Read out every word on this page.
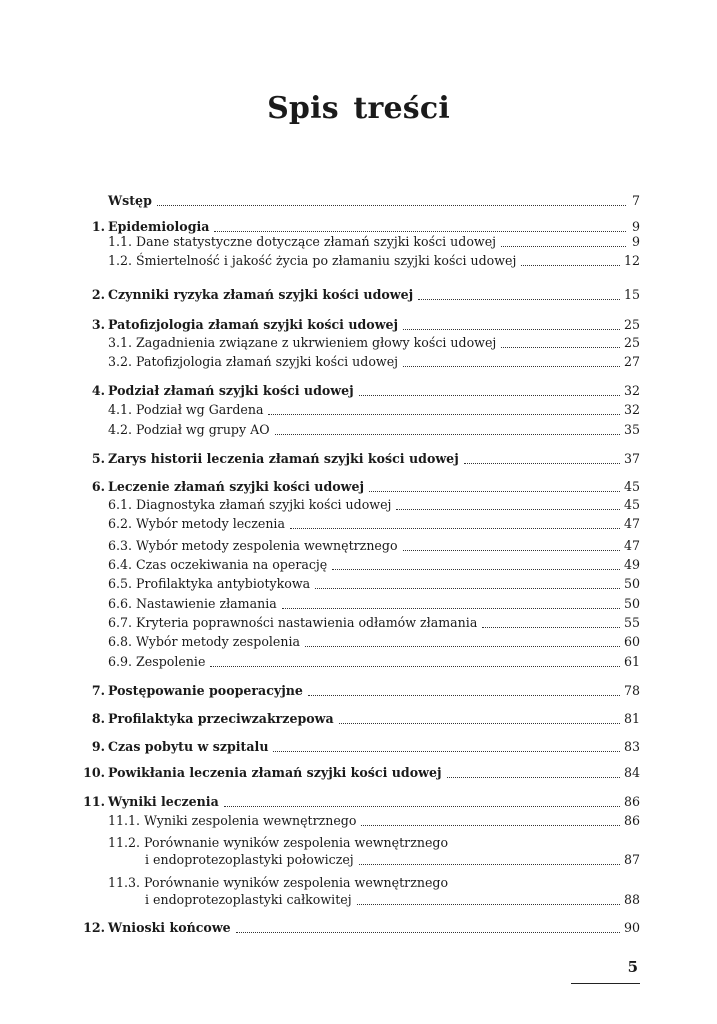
Spis treści
Wstęp	7
1. Epidemiologia	9
1.1. Dane statystyczne dotyczące złamań szyjki kości udowej	9
1.2. Śmiertelność i jakość życia po złamaniu szyjki kości udowej	12
2. Czynniki ryzyka złamań szyjki kości udowej	15
3. Patofizjologia złamań szyjki kości udowej	25
3.1. Zagadnienia związane z ukrwieniem głowy kości udowej	25
3.2. Patofizjologia złamań szyjki kości udowej	27
4. Podział złamań szyjki kości udowej	32
4.1. Podział wg Gardena	32
4.2. Podział wg grupy AO	35
5. Zarys historii leczenia złamań szyjki kości udowej	37
6. Leczenie złamań szyjki kości udowej	45
6.1. Diagnostyka złamań szyjki kości udowej	45
6.2. Wybór metody leczenia	47
6.3. Wybór metody zespolenia wewnętrznego	47
6.4. Czas oczekiwania na operację	49
6.5. Profilaktyka antybiotykowa	50
6.6. Nastawienie złamania	50
6.7. Kryteria poprawności nastawienia odłamów złamania	55
6.8. Wybór metody zespolenia	60
6.9. Zespolenie	61
7. Postępowanie pooperacyjne	78
8. Profilaktyka przeciwzakrzepowa	81
9. Czas pobytu w szpitalu	83
10. Powikłania leczenia złamań szyjki kości udowej	84
11. Wyniki leczenia	86
11.1. Wyniki zespolenia wewnętrznego	86
11.2. Porównanie wyników zespolenia wewnętrznego
i endoprotezoplastyki połowiczej	87
11.3. Porównanie wyników zespolenia wewnętrznego
i endoprotezoplastyki całkowitej	88
12. Wnioski końcowe	90
5
